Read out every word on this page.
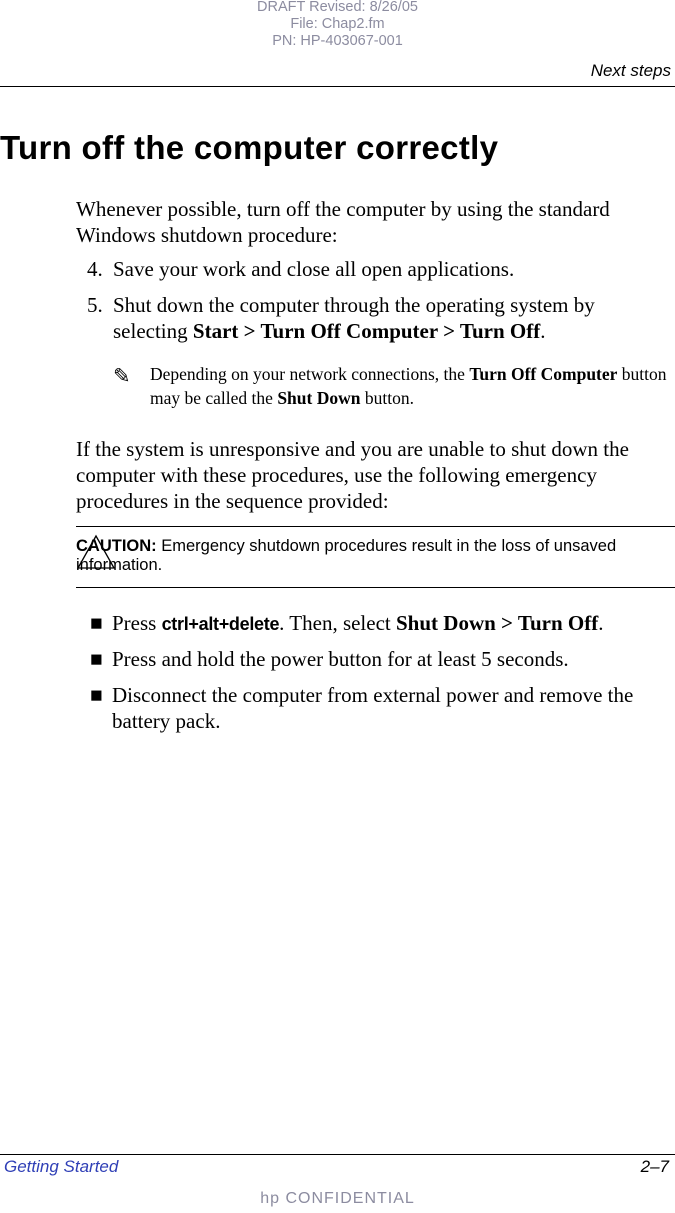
DRAFT Revised: 8/26/05
File: Chap2.fm
PN: HP-403067-001
Next steps
Turn off the computer correctly
Whenever possible, turn off the computer by using the standard Windows shutdown procedure:
4. Save your work and close all open applications.
5. Shut down the computer through the operating system by selecting Start > Turn Off Computer > Turn Off.
✎ Depending on your network connections, the Turn Off Computer button may be called the Shut Down button.
If the system is unresponsive and you are unable to shut down the computer with these procedures, use the following emergency procedures in the sequence provided:
CAUTION: Emergency shutdown procedures result in the loss of unsaved information.
■ Press ctrl+alt+delete. Then, select Shut Down > Turn Off.
■ Press and hold the power button for at least 5 seconds.
■ Disconnect the computer from external power and remove the battery pack.
Getting Started	2–7
hp CONFIDENTIAL
